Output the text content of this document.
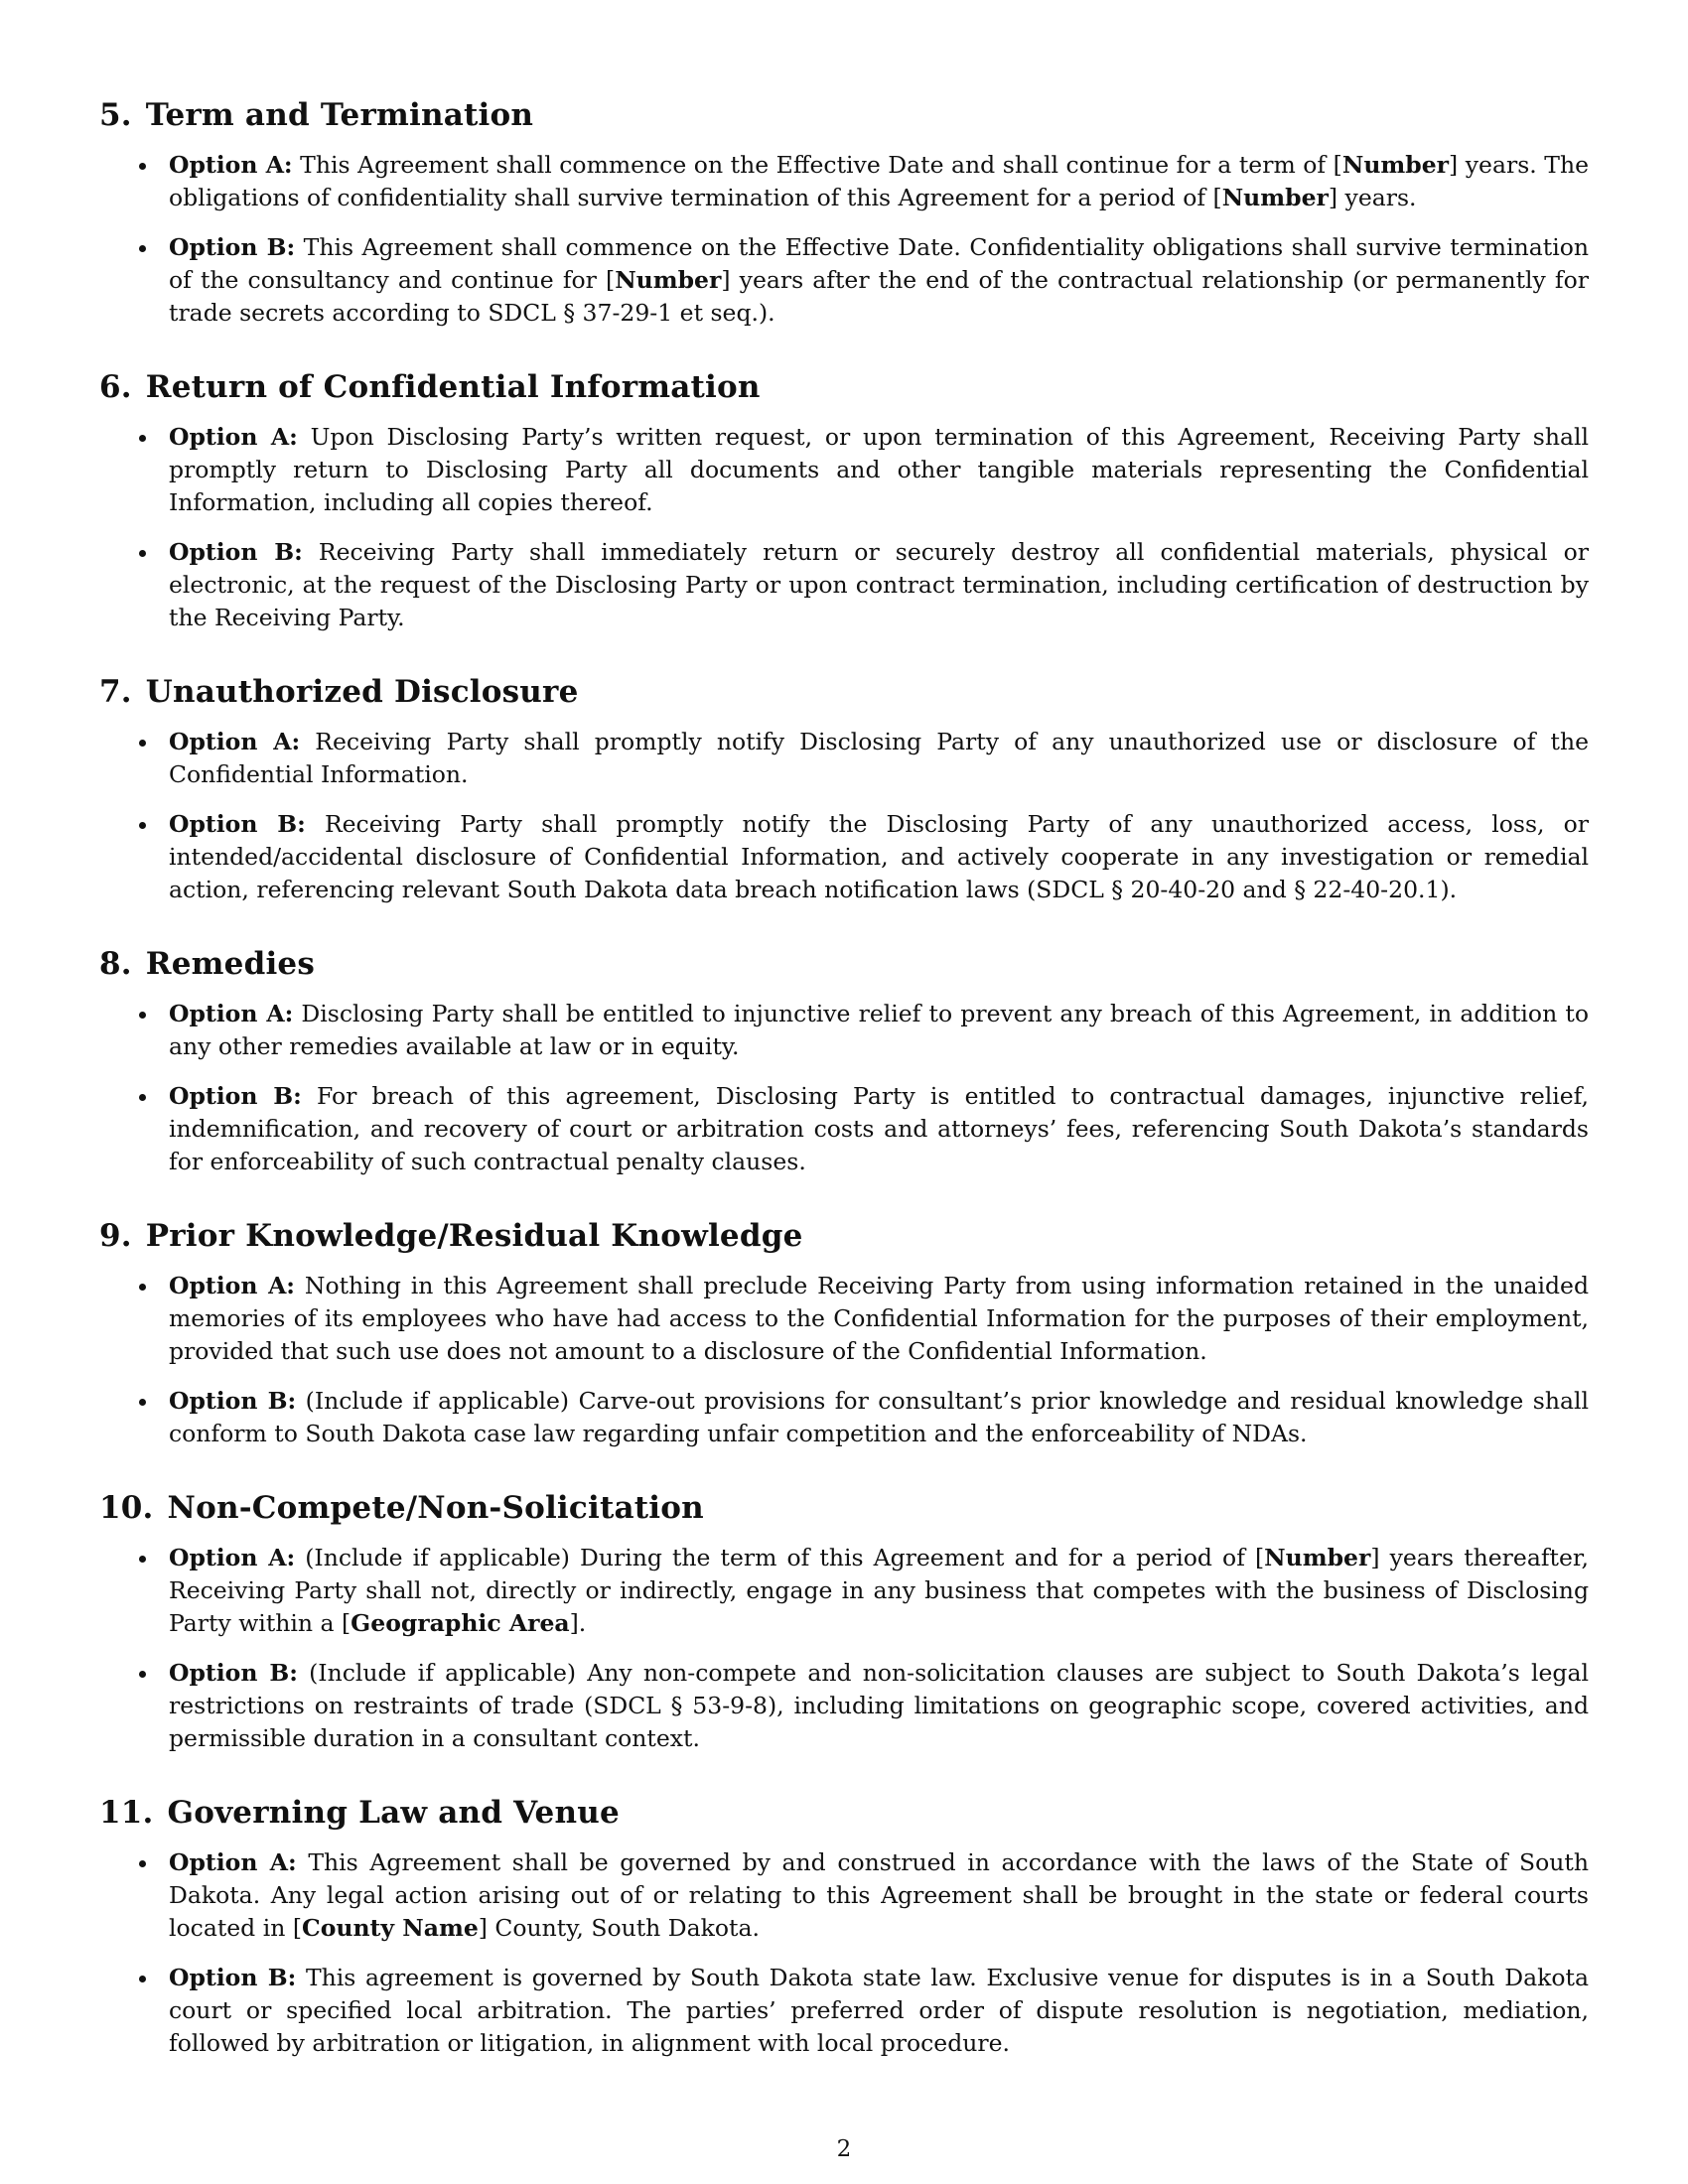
5. Term and Termination
Option A: This Agreement shall commence on the Effective Date and shall continue for a term of [Number] years. The obligations of confidentiality shall survive termination of this Agreement for a period of [Number] years.
Option B: This Agreement shall commence on the Effective Date. Confidentiality obligations shall survive termination of the consultancy and continue for [Number] years after the end of the contractual relationship (or permanently for trade secrets according to SDCL § 37-29-1 et seq.).
6. Return of Confidential Information
Option A: Upon Disclosing Party’s written request, or upon termination of this Agreement, Receiving Party shall promptly return to Disclosing Party all documents and other tangible materials representing the Confidential Information, including all copies thereof.
Option B: Receiving Party shall immediately return or securely destroy all confidential materials, physical or electronic, at the request of the Disclosing Party or upon contract termination, including certification of destruction by the Receiving Party.
7. Unauthorized Disclosure
Option A: Receiving Party shall promptly notify Disclosing Party of any unauthorized use or disclosure of the Confidential Information.
Option B: Receiving Party shall promptly notify the Disclosing Party of any unauthorized access, loss, or intended/accidental disclosure of Confidential Information, and actively cooperate in any investigation or remedial action, referencing relevant South Dakota data breach notification laws (SDCL § 20-40-20 and § 22-40-20.1).
8. Remedies
Option A: Disclosing Party shall be entitled to injunctive relief to prevent any breach of this Agreement, in addition to any other remedies available at law or in equity.
Option B: For breach of this agreement, Disclosing Party is entitled to contractual damages, injunctive relief, indemnification, and recovery of court or arbitration costs and attorneys’ fees, referencing South Dakota’s standards for enforceability of such contractual penalty clauses.
9. Prior Knowledge/Residual Knowledge
Option A: Nothing in this Agreement shall preclude Receiving Party from using information retained in the unaided memories of its employees who have had access to the Confidential Information for the purposes of their employment, provided that such use does not amount to a disclosure of the Confidential Information.
Option B: (Include if applicable) Carve-out provisions for consultant’s prior knowledge and residual knowledge shall conform to South Dakota case law regarding unfair competition and the enforceability of NDAs.
10. Non-Compete/Non-Solicitation
Option A: (Include if applicable) During the term of this Agreement and for a period of [Number] years thereafter, Receiving Party shall not, directly or indirectly, engage in any business that competes with the business of Disclosing Party within a [Geographic Area].
Option B: (Include if applicable) Any non-compete and non-solicitation clauses are subject to South Dakota’s legal restrictions on restraints of trade (SDCL § 53-9-8), including limitations on geographic scope, covered activities, and permissible duration in a consultant context.
11. Governing Law and Venue
Option A: This Agreement shall be governed by and construed in accordance with the laws of the State of South Dakota. Any legal action arising out of or relating to this Agreement shall be brought in the state or federal courts located in [County Name] County, South Dakota.
Option B: This agreement is governed by South Dakota state law. Exclusive venue for disputes is in a South Dakota court or specified local arbitration. The parties’ preferred order of dispute resolution is negotiation, mediation, followed by arbitration or litigation, in alignment with local procedure.
2
